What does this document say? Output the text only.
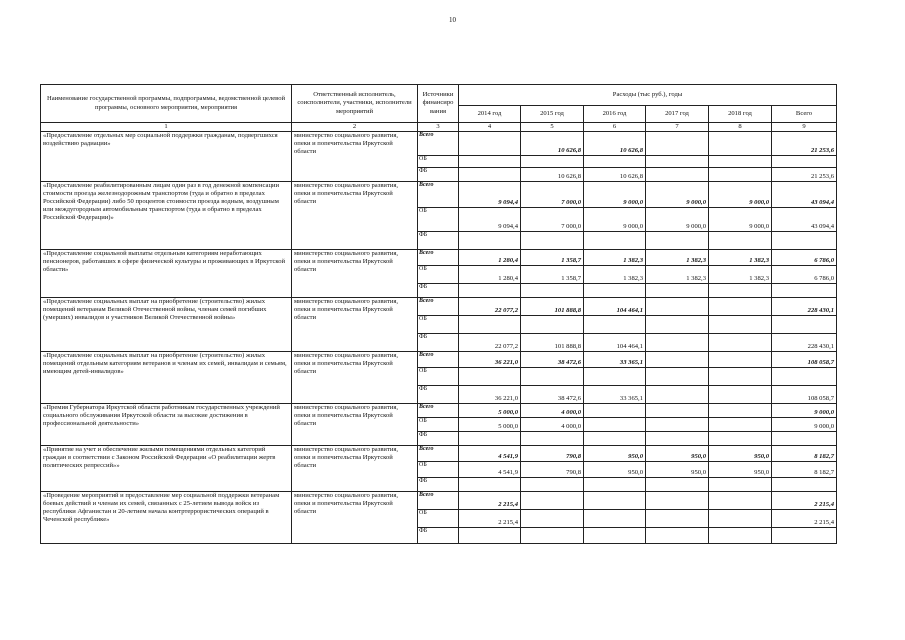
10
Наименование государственной программы, подпрограммы, ведомственной целевой программы, основного мероприятия, мероприятия	Ответственный исполнитель, соисполнители, участники, исполнители мероприятий	Источники финансиро вания	Расходы (тыс руб.), годы					
			2014 год	2015 год	2016 год	2017 год	2018 год	Всего
1	2	3	4	5	6	7	8	9
«Предоставление отдельных мер социальной поддержки гражданам, подвергшихся воздействию радиации»	министерство социального развития, опеки и попечительства Иркутской области	Всего		10 626,8	10 626,8			21 253,6
		ОБ						
		ФБ		10 626,8	10 626,8			21 253,6
«Предоставление реабилитированным лицам один раз в год денежной компенсации стоимости проезда железнодорожным транспортом (туда и обратно в пределах Российской Федерации) либо 50 процентов стоимости проезда водным, воздушным или междугородным автомобильным транспортом (туда и обратно в пределах Российской Федерации)»	министерство социального развития, опеки и попечительства Иркутской области	Всего	9 094,4	7 000,0	9 000,0	9 000,0	9 000,0	43 094,4
		ОБ	9 094,4	7 000,0	9 000,0	9 000,0	9 000,0	43 094,4
		ФБ						
«Предоставление социальной выплаты отдельным категориям неработающих пенсионеров, работавших в сфере физической культуры и проживающих в Иркутской области»	министерство социального развития, опеки и попечительства Иркутской области	Всего	1 280,4	1 358,7	1 382,3	1 382,3	1 382,3	6 786,0
		ОБ	1 280,4	1 358,7	1 382,3	1 382,3	1 382,3	6 786,0
		ФБ						
«Предоставление социальных выплат на приобретение (строительство) жилых помещений ветеранам Великой Отечественной войны, членам семей погибших (умерших) инвалидов и участников Великой Отечественной войны»	министерство социального развития, опеки и попечительства Иркутской области	Всего	22 077,2	101 888,8	104 464,1			228 430,1
		ОБ						
		ФБ	22 077,2	101 888,8	104 464,1			228 430,1
«Предоставление социальных выплат на приобретение (строительство) жилых помещений отдельным категориям ветеранов и членам их семей, инвалидам и семьям, имеющим детей-инвалидов»	министерство социального развития, опеки и попечительства Иркутской области	Всего	36 221,0	38 472,6	33 365,1			108 058,7
		ОБ						
		ФБ	36 221,0	38 472,6	33 365,1			108 058,7
«Премия Губернатора Иркутской области работникам государственных учреждений социального обслуживания Иркутской области за высокие достижения в профессиональной деятельности»	министерство социального развития, опеки и попечительства Иркутской области	Всего	5 000,0	4 000,0				9 000,0
		ОБ	5 000,0	4 000,0				9 000,0
		ФБ						
«Принятие на учет и обеспечение жилыми помещениями отдельных категорий граждан в соответствии с Законом Российской Федерации «О реабилитации жертв политических репрессий»»	министерство социального развития, опеки и попечительства Иркутской области	Всего	4 541,9	790,8	950,0	950,0	950,0	8 182,7
		ОБ	4 541,9	790,8	950,0	950,0	950,0	8 182,7
		ФБ						
«Проведение мероприятий и предоставление мер социальной поддержки ветеранам боевых действий и членам их семей, связанных с 25-летием вывода войск из республики Афганистан и 20-летием начала контртеррористических операций в Чеченской республике»	министерство социального развития, опеки и попечительства Иркутской области	Всего	2 215,4					2 215,4
		ОБ	2 215,4					2 215,4
		ФБ						
